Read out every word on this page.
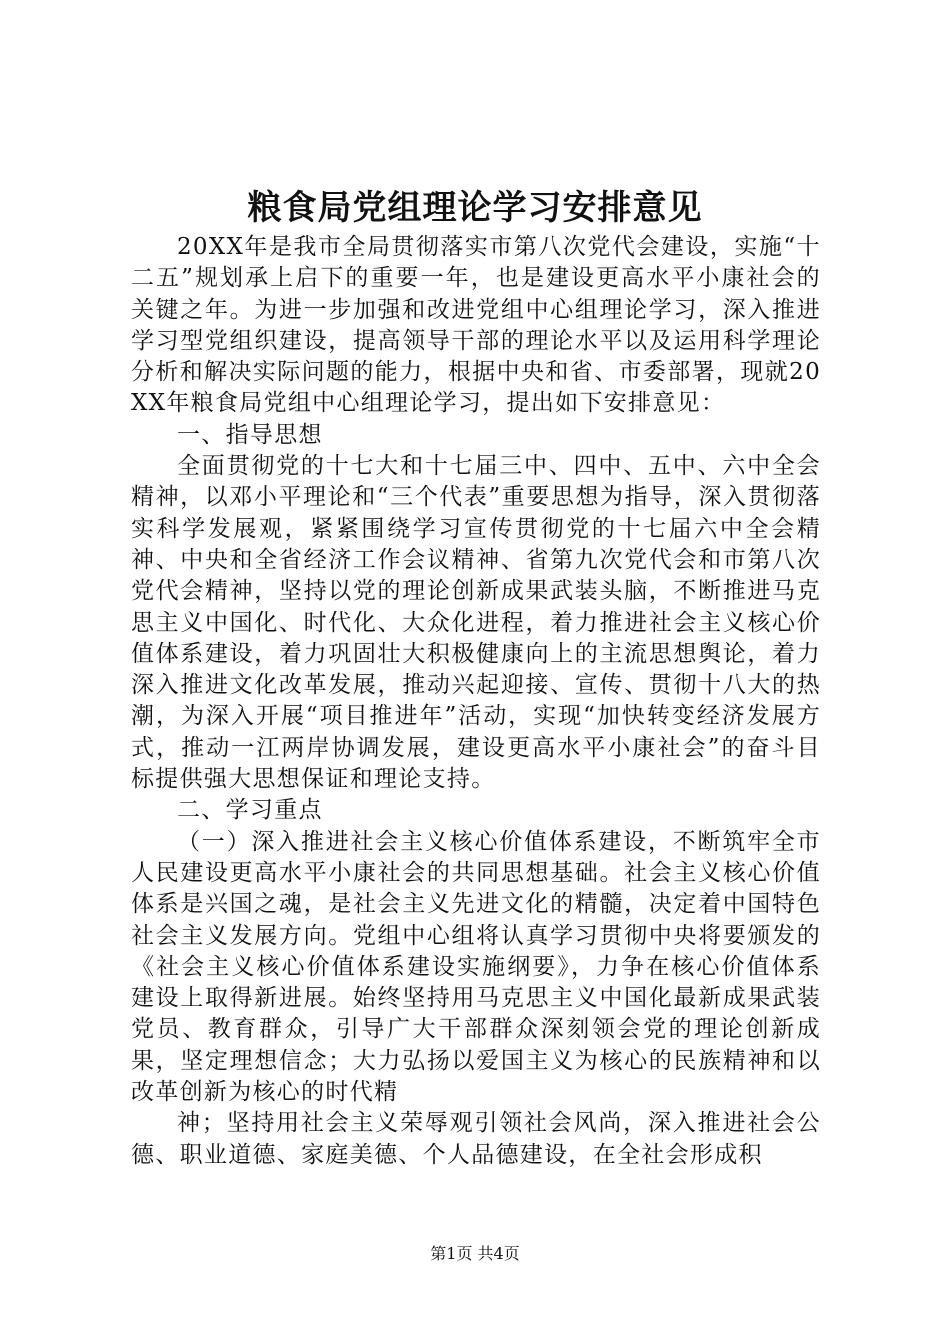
粮食局党组理论学习安排意见

20XX年是我市全局贯彻落实市第八次党代会建设，实施“十二五”规划承上启下的重要一年，也是建设更高水平小康社会的关键之年。为进一步加强和改进党组中心组理论学习，深入推进学习型党组织建设，提高领导干部的理论水平以及运用科学理论分析和解决实际问题的能力，根据中央和省、市委部署，现就20XX年粮食局党组中心组理论学习，提出如下安排意见：

一、指导思想

全面贯彻党的十七大和十七届三中、四中、五中、六中全会精神，以邓小平理论和“三个代表”重要思想为指导，深入贯彻落实科学发展观，紧紧围绕学习宣传贯彻党的十七届六中全会精神、中央和全省经济工作会议精神、省第九次党代会和市第八次党代会精神，坚持以党的理论创新成果武装头脑，不断推进马克思主义中国化、时代化、大众化进程，着力推进社会主义核心价值体系建设，着力巩固壮大积极健康向上的主流思想舆论，着力深入推进文化改革发展，推动兴起迎接、宣传、贯彻十八大的热潮，为深入开展“项目推进年”活动，实现“加快转变经济发展方式，推动一江两岸协调发展，建设更高水平小康社会”的奋斗目标提供强大思想保证和理论支持。

二、学习重点

（一）深入推进社会主义核心价值体系建设，不断筑牢全市人民建设更高水平小康社会的共同思想基础。社会主义核心价值体系是兴国之魂，是社会主义先进文化的精髓，决定着中国特色社会主义发展方向。党组中心组将认真学习贯彻中央将要颁发的《社会主义核心价值体系建设实施纲要》，力争在核心价值体系建设上取得新进展。始终坚持用马克思主义中国化最新成果武装党员、教育群众，引导广大干部群众深刻领会党的理论创新成果，坚定理想信念；大力弘扬以爱国主义为核心的民族精神和以改革创新为核心的时代精

神；坚持用社会主义荣辱观引领社会风尚，深入推进社会公德、职业道德、家庭美德、个人品德建设，在全社会形成积

第1页 共4页
